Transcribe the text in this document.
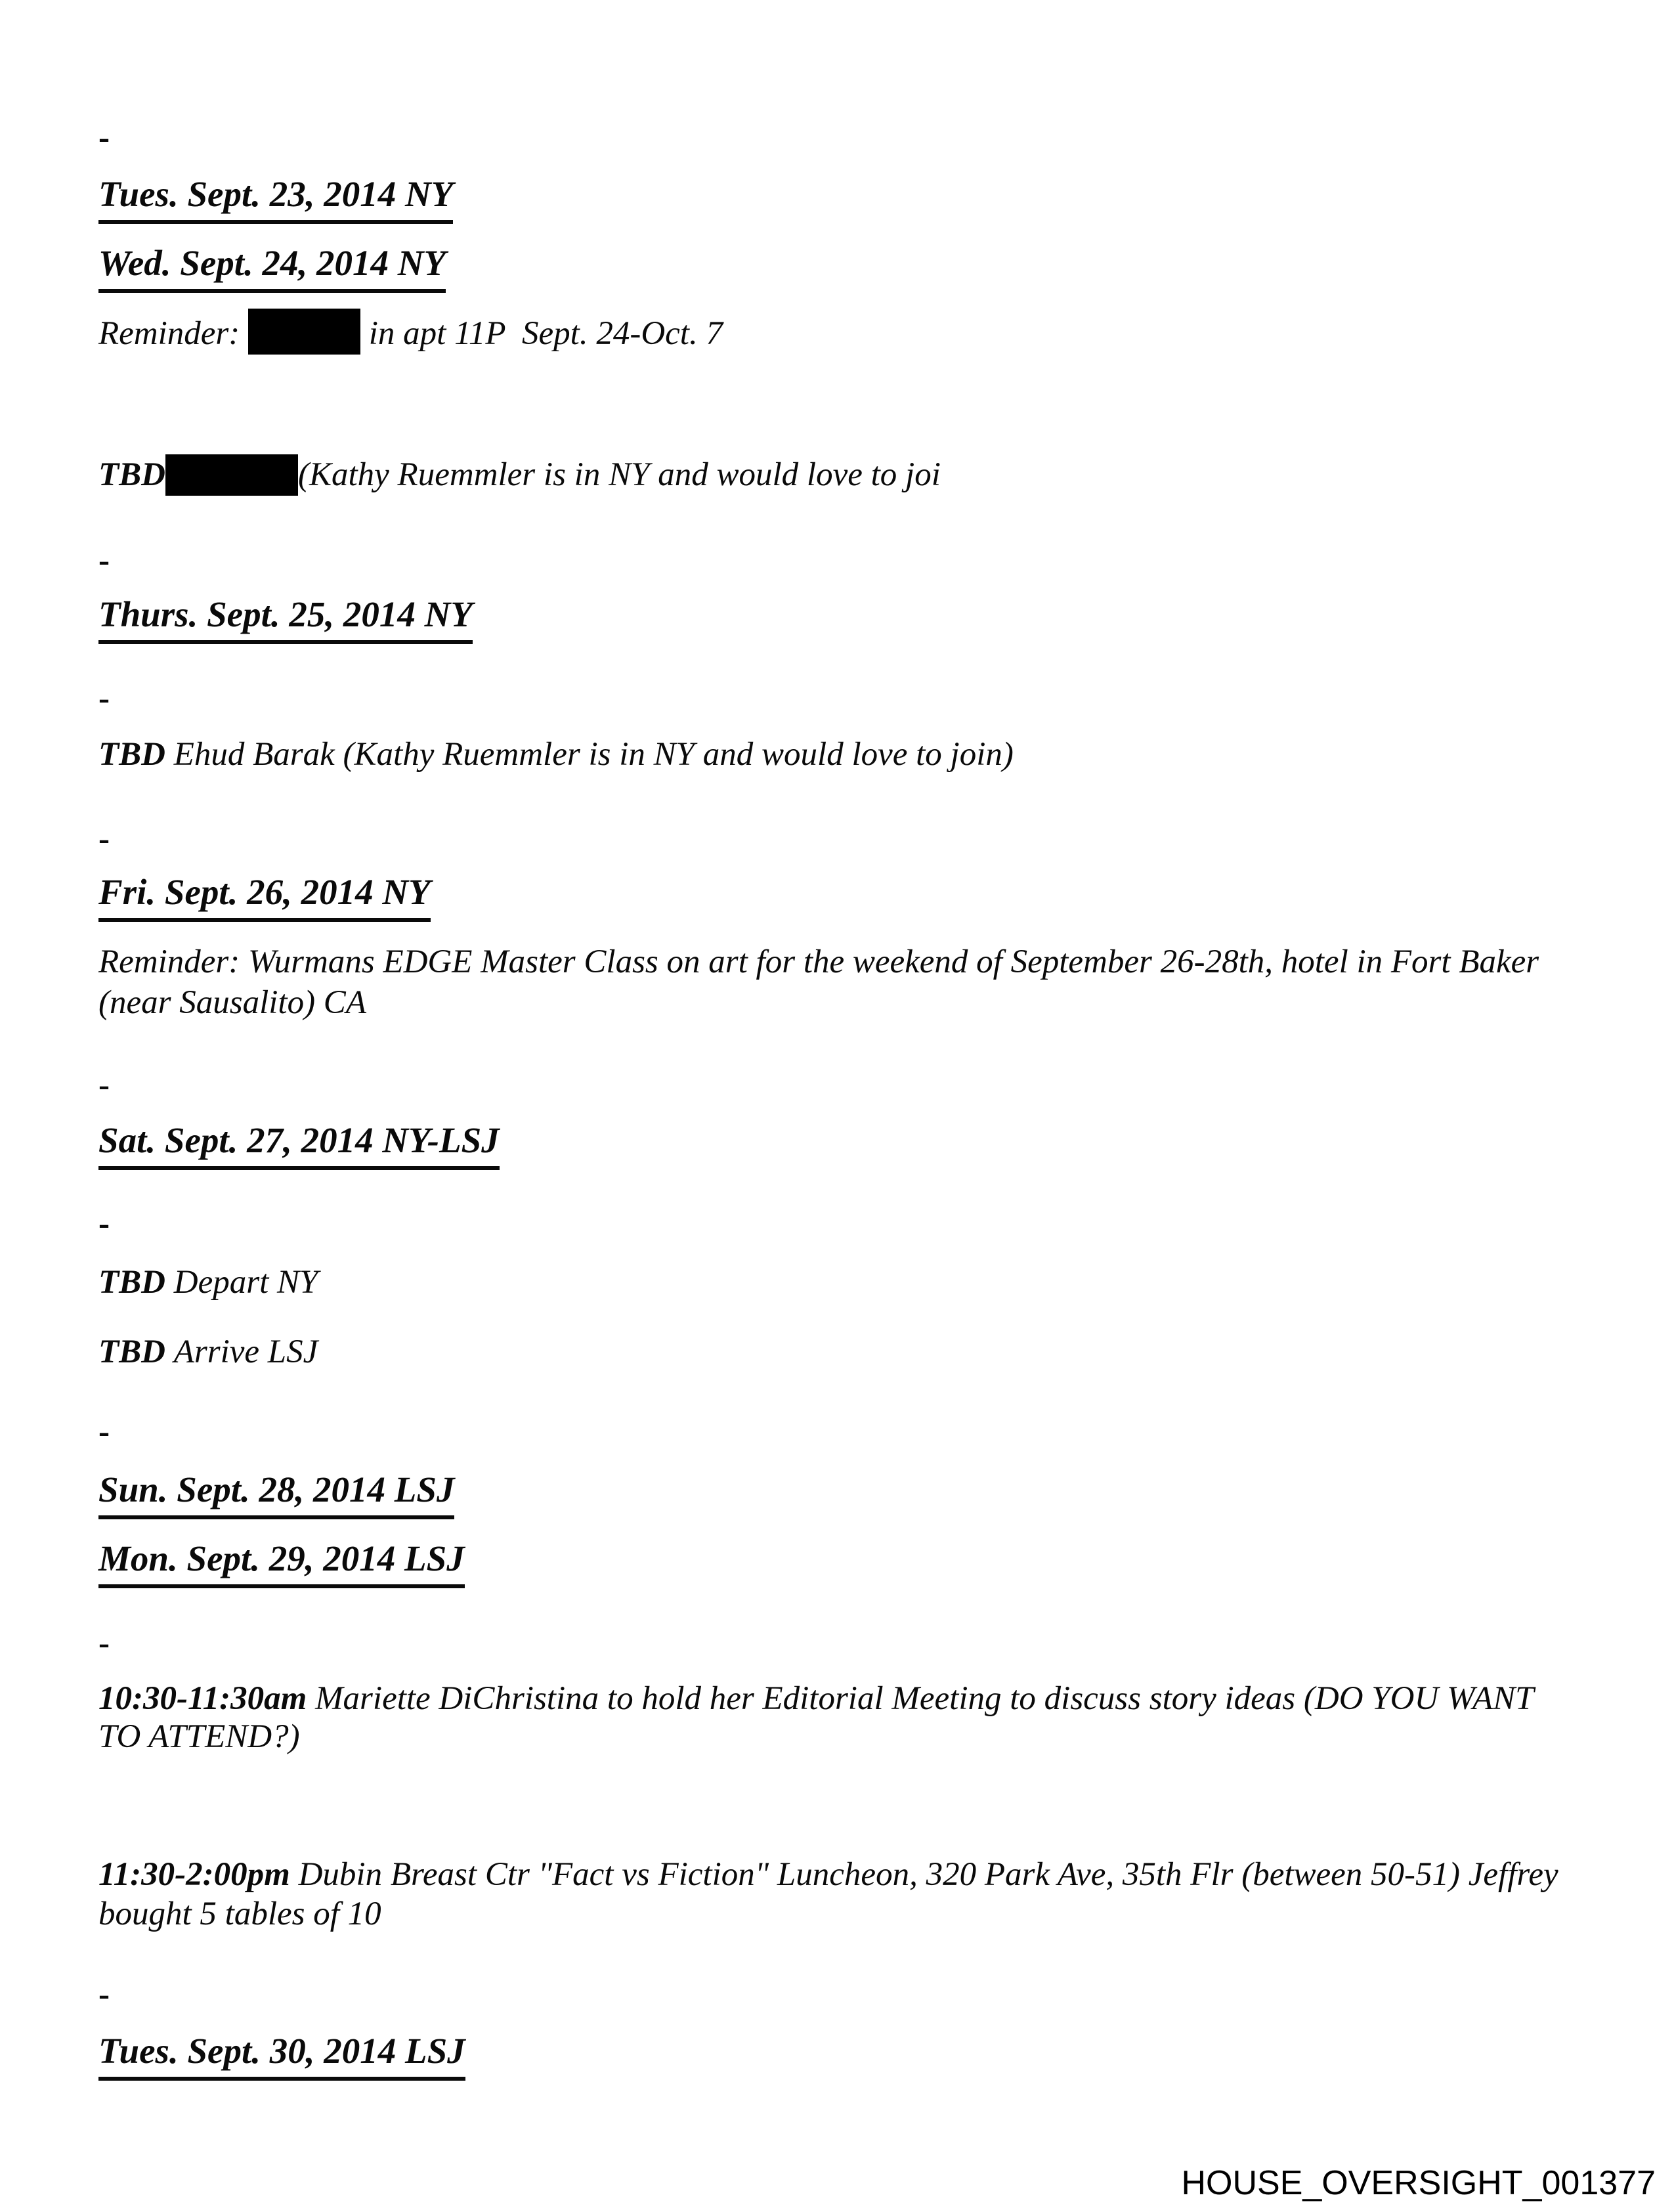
-
Tues. Sept. 23, 2014 NY
Wed. Sept. 24, 2014 NY
Reminder:	in apt 11P  Sept. 24-Oct. 7
TBD	(Kathy Ruemmler is in NY and would love to joi
-
Thurs. Sept. 25, 2014 NY
-
TBD Ehud Barak (Kathy Ruemmler is in NY and would love to join)
-
Fri. Sept. 26, 2014 NY
Reminder: Wurmans EDGE Master Class on art for the weekend of September 26-28th, hotel in Fort Baker
(near Sausalito) CA
-
Sat. Sept. 27, 2014 NY-LSJ
-
TBD Depart NY
TBD Arrive LSJ
-
Sun. Sept. 28, 2014 LSJ
Mon. Sept. 29, 2014 LSJ
-
10:30-11:30am Mariette DiChristina to hold her Editorial Meeting to discuss story ideas (DO YOU WANT
TO ATTEND?)
11:30-2:00pm Dubin Breast Ctr "Fact vs Fiction" Luncheon, 320 Park Ave, 35th Flr (between 50-51) Jeffrey
bought 5 tables of 10
-
Tues. Sept. 30, 2014 LSJ
HOUSE_OVERSIGHT_001377
